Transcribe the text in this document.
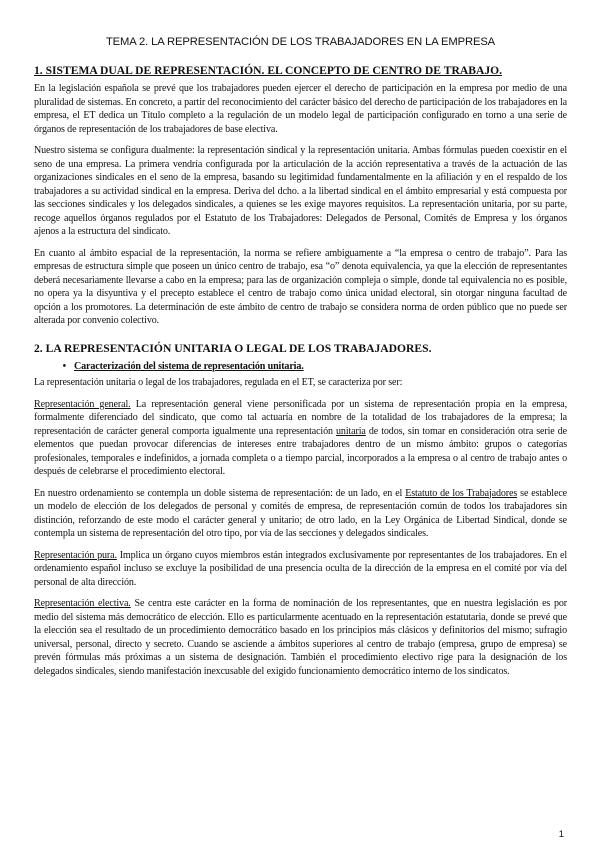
TEMA 2. LA REPRESENTACIÓN DE LOS TRABAJADORES EN LA EMPRESA
1. SISTEMA DUAL DE REPRESENTACIÓN. EL CONCEPTO DE CENTRO DE TRABAJO.

En la legislación española se prevé que los trabajadores pueden ejercer el derecho de participación en la empresa por medio de una pluralidad de sistemas. En concreto, a partir del reconocimiento del carácter básico del derecho de participación de los trabajadores en la empresa, el ET dedica un Título completo a la regulación de un modelo legal de participación configurado en torno a una serie de órganos de representación de los trabajadores de base electiva.

Nuestro sistema se configura dualmente: la representación sindical y la representación unitaria. Ambas fórmulas pueden coexistir en el seno de una empresa. La primera vendría configurada por la articulación de la acción representativa a través de la actuación de las organizaciones sindicales en el seno de la empresa, basando su legitimidad fundamentalmente en la afiliación y en el respaldo de los trabajadores a su actividad sindical en la empresa. Deriva del dcho. a la libertad sindical en el ámbito empresarial y está compuesta por las secciones sindicales y los delegados sindicales, a quienes se les exige mayores requisitos. La representación unitaria, por su parte, recoge aquellos órganos regulados por el Estatuto de los Trabajadores: Delegados de Personal, Comités de Empresa y los órganos ajenos a la estructura del sindicato.

En cuanto al ámbito espacial de la representación, la norma se refiere ambiguamente a “la empresa o centro de trabajo”. Para las empresas de estructura simple que poseen un único centro de trabajo, esa “o” denota equivalencia, ya que la elección de representantes deberá necesariamente llevarse a cabo en la empresa; para las de organización compleja o simple, donde tal equivalencia no es posible, no opera ya la disyuntiva y el precepto establece el centro de trabajo como única unidad electoral, sin otorgar ninguna facultad de opción a los promotores. La determinación de este ámbito de centro de trabajo se considera norma de orden público que no puede ser alterada por convenio colectivo.

2. LA REPRESENTACIÓN UNITARIA O LEGAL DE LOS TRABAJADORES.
• Caracterización del sistema de representación unitaria.

La representación unitaria o legal de los trabajadores, regulada en el ET, se caracteriza por ser:

Representación general. La representación general viene personificada por un sistema de representación propia en la empresa, formalmente diferenciado del sindicato, que como tal actuaría en nombre de la totalidad de los trabajadores de la empresa; la representación de carácter general comporta igualmente una representación unitaria de todos, sin tomar en consideración otra serie de elementos que puedan provocar diferencias de intereses entre trabajadores dentro de un mismo ámbito: grupos o categorías profesionales, temporales e indefinidos, a jornada completa o a tiempo parcial, incorporados a la empresa o al centro de trabajo antes o después de celebrarse el procedimiento electoral.

En nuestro ordenamiento se contempla un doble sistema de representación: de un lado, en el Estatuto de los Trabajadores se establece un modelo de elección de los delegados de personal y comités de empresa, de representación común de todos los trabajadores sin distinción, reforzando de este modo el carácter general y unitario; de otro lado, en la Ley Orgánica de Libertad Sindical, donde se contempla un sistema de representación del otro tipo, por vía de las secciones y delegados sindicales.

Representación pura. Implica un órgano cuyos miembros están integrados exclusivamente por representantes de los trabajadores. En el ordenamiento español incluso se excluye la posibilidad de una presencia oculta de la dirección de la empresa en el comité por vía del personal de alta dirección.

Representación electiva. Se centra este carácter en la forma de nominación de los representantes, que en nuestra legislación es por medio del sistema más democrático de elección. Ello es particularmente acentuado en la representación estatutaria, donde se prevé que la elección sea el resultado de un procedimiento democrático basado en los principios más clásicos y definitorios del mismo; sufragio universal, personal, directo y secreto. Cuando se asciende a ámbitos superiores al centro de trabajo (empresa, grupo de empresa) se prevén fórmulas más próximas a un sistema de designación. También el procedimiento electivo rige para la designación de los delegados sindicales, siendo manifestación inexcusable del exigido funcionamiento democrático interno de los sindicatos.

1
